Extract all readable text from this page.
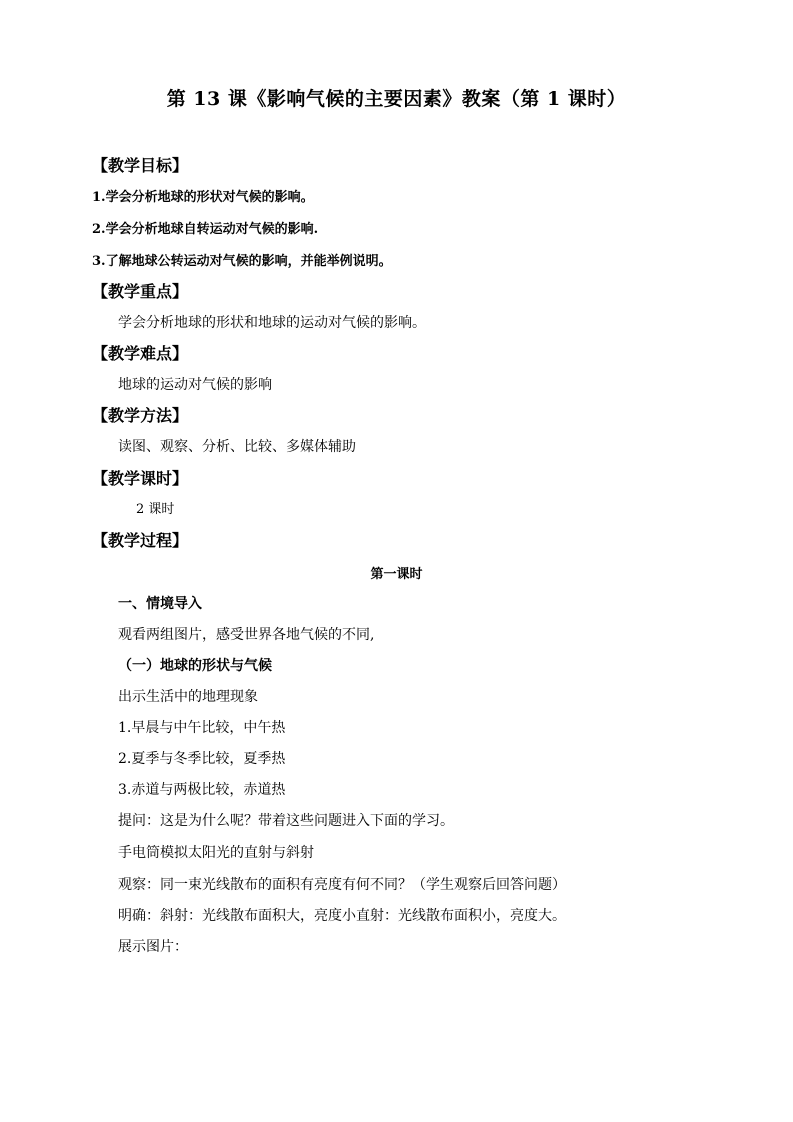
第 13 课《影响气候的主要因素》教案（第 1 课时）
【教学目标】
1.学会分析地球的形状对气候的影响。
2.学会分析地球自转运动对气候的影响.
3.了解地球公转运动对气候的影响，并能举例说明。
【教学重点】
学会分析地球的形状和地球的运动对气候的影响。
【教学难点】
地球的运动对气候的影响
【教学方法】
读图、观察、分析、比较、多媒体辅助
【教学课时】
2 课时
【教学过程】
第一课时
一、情境导入
观看两组图片，感受世界各地气候的不同,
（一）地球的形状与气候
出示生活中的地理现象
1.早晨与中午比较，中午热
2.夏季与冬季比较，夏季热
3.赤道与两极比较，赤道热
提问：这是为什么呢？带着这些问题进入下面的学习。
手电筒模拟太阳光的直射与斜射
观察：同一束光线散布的面积有亮度有何不同？（学生观察后回答问题）
明确：斜射：光线散布面积大，亮度小直射：光线散布面积小，亮度大。
展示图片：
